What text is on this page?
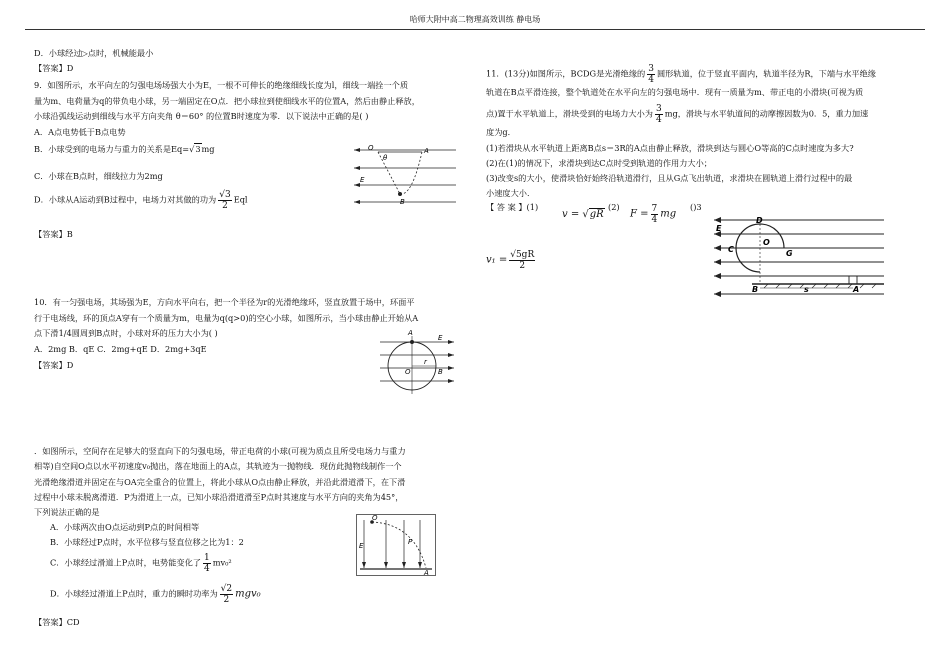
哈师大附中高二物理高效训练 静电场
D．小球经过▷点时，机械能最小
【答案】D
9．如图所示，水平向左的匀强电场场强大小为E，一根不可伸长的绝缘细线长度为l，细线一端拴一个质
量为m、电荷量为q的带负电小球，另一端固定在O点．把小球拉到使细线水平的位置A，然后由静止释放，
小球沿弧线运动到细线与水平方向夹角 θ＝60° 的位置B时速度为零．以下说法中正确的是( )
A．A点电势低于B点电势
B．小球受到的电场力与重力的关系是Eq=√3mg
C．小球在B点时，细线拉力为2mg
D．小球从A运动到B过程中，电场力对其做的功为 $\frac{√3}{2}$ Eql
【答案】B
O
θ
A
E
B
10．有一匀强电场，其场强为E，方向水平向右，把一个半径为r的光滑绝缘环，竖直放置于场中，环面平
行于电场线，环的顶点A穿有一个质量为m，电量为q(q>0)的空心小球，如图所示，当小球由静止开始从A
点下滑1/4圆周到B点时，小球对环的压力大小为( )
A．2mg B．qE C．2mg+qE D．2mg+3qE
【答案】D
A
E
O
r
B
．如图所示，空间存在足够大的竖直向下的匀强电场，带正电荷的小球(可视为质点且所受电场力与重力
相等)自空间O点以水平初速度v₀抛出，落在地面上的A点，其轨迹为一抛物线．现仿此抛物线制作一个
光滑绝缘滑道并固定在与OA完全重合的位置上，将此小球从O点由静止释放，并沿此滑道滑下，在下滑
过程中小球未脱离滑道．P为滑道上一点，已知小球沿滑道滑至P点时其速度与水平方向的夹角为45°，
下列说法正确的是
A．小球两次由O点运动到P点的时间相等
B．小球经过P点时，水平位移与竖直位移之比为1：2
C．小球经过滑道上P点时，电势能变化了 $\frac{1}{4} mv_0^2$
D．小球经过滑道上P点时，重力的瞬时功率为 $\frac{√2}{2} mgv_0$
【答案】CD
O
E	P
A
11．(13分)如图所示，BCDG是光滑绝缘的 $\frac{3}{4}$ 圆形轨道，位于竖直平面内，轨道半径为R，下端与水平绝缘
轨道在B点平滑连接，整个轨道处在水平向左的匀强电场中．现有一质量为m、带正电的小滑块(可视为质
点)置于水平轨道上，滑块受到的电场力大小为 $\frac{3}{4}$ mg，滑块与水平轨道间的动摩擦因数为0．5，重力加速
度为g．
(1)若滑块从水平轨道上距离B点s＝3R的A点由静止释放，滑块到达与圆心O等高的C点时速度为多大?
(2)在(1)的情况下，求滑块到达C点时受到轨道的作用力大小；
(3)改变s的大小，使滑块恰好始终沿轨道滑行，且从G点飞出轨道，求滑块在圆轨道上滑行过程中的最
小速度大小．
【 答 案 】(1)
v = √gR
(2)
$F = \frac{7}{4}$ mg
()3
$v_1 = \frac{√5gR}{2}$
E
D
O
C	G
B	s	A
